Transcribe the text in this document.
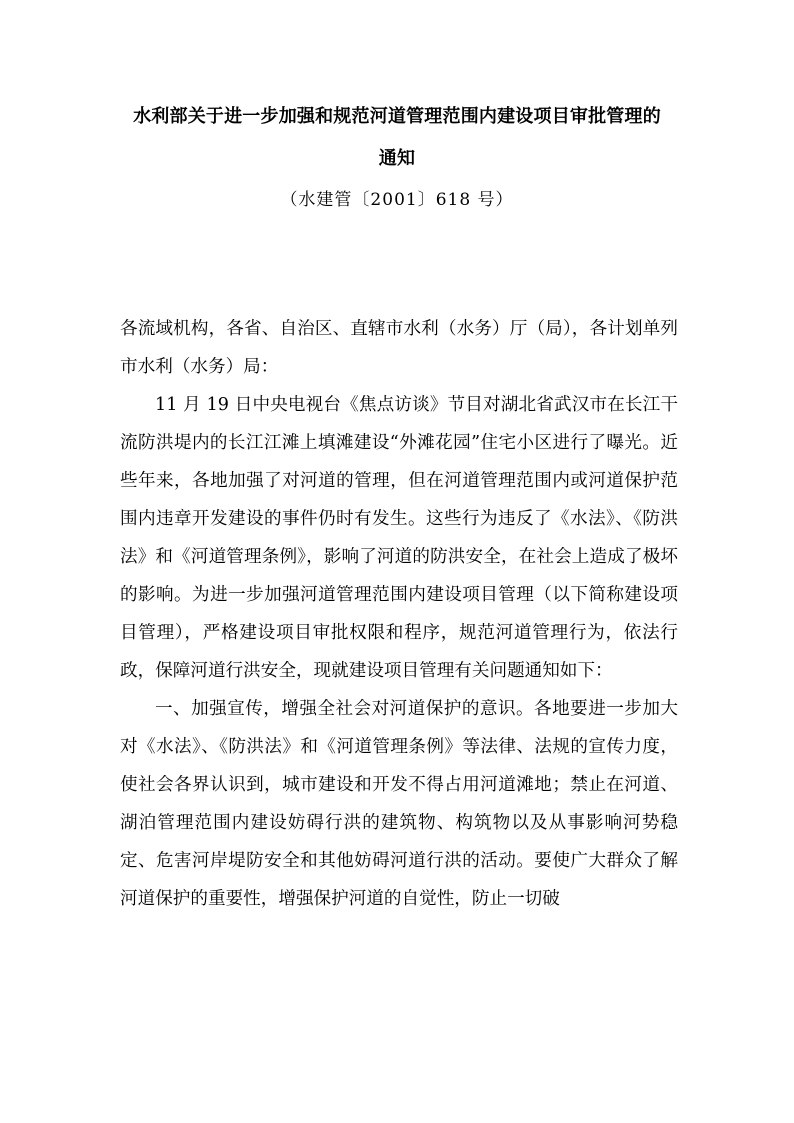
水利部关于进一步加强和规范河道管理范围内建设项目审批管理的
通知
（水建管〔2001〕618 号）

各流域机构，各省、自治区、直辖市水利（水务）厅（局），各计划单列市水利（水务）局：

11 月 19 日中央电视台《焦点访谈》节目对湖北省武汉市在长江干流防洪堤内的长江江滩上填滩建设“外滩花园”住宅小区进行了曝光。近些年来，各地加强了对河道的管理，但在河道管理范围内或河道保护范围内违章开发建设的事件仍时有发生。这些行为违反了《水法》、《防洪法》和《河道管理条例》，影响了河道的防洪安全，在社会上造成了极坏的影响。为进一步加强河道管理范围内建设项目管理（以下简称建设项目管理），严格建设项目审批权限和程序，规范河道管理行为，依法行政，保障河道行洪安全，现就建设项目管理有关问题通知如下：

一、加强宣传，增强全社会对河道保护的意识。各地要进一步加大对《水法》、《防洪法》和《河道管理条例》等法律、法规的宣传力度，使社会各界认识到，城市建设和开发不得占用河道滩地；禁止在河道、湖泊管理范围内建设妨碍行洪的建筑物、构筑物以及从事影响河势稳定、危害河岸堤防安全和其他妨碍河道行洪的活动。要使广大群众了解河道保护的重要性，增强保护河道的自觉性，防止一切破
